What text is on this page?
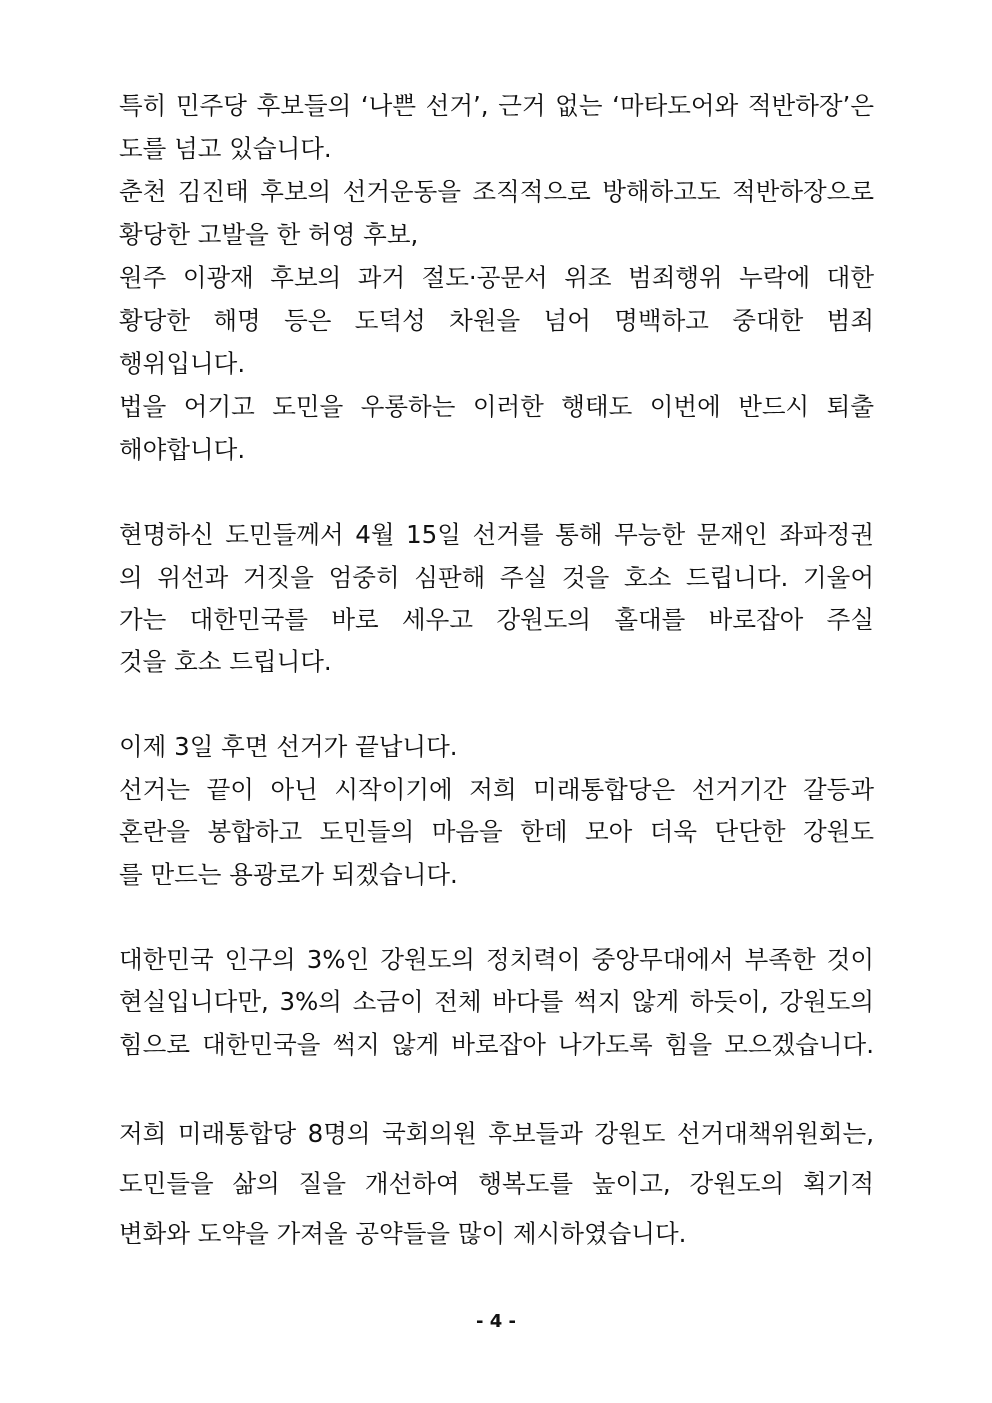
특히 민주당 후보들의 ‘나쁜 선거’, 근거 없는 ‘마타도어와 적반하장’은
도를 넘고 있습니다.
춘천 김진태 후보의 선거운동을 조직적으로 방해하고도 적반하장으로
황당한 고발을 한 허영 후보,
원주 이광재 후보의 과거 절도·공문서 위조 범죄행위 누락에 대한
황당한 해명 등은 도덕성 차원을 넘어 명백하고 중대한 범죄
행위입니다.
법을 어기고 도민을 우롱하는 이러한 행태도 이번에 반드시 퇴출
해야합니다.
현명하신 도민들께서 4월 15일 선거를 통해 무능한 문재인 좌파정권
의 위선과 거짓을 엄중히 심판해 주실 것을 호소 드립니다. 기울어
가는 대한민국를 바로 세우고 강원도의 홀대를 바로잡아 주실
것을 호소 드립니다.
이제 3일 후면 선거가 끝납니다.
선거는 끝이 아닌 시작이기에 저희 미래통합당은 선거기간 갈등과
혼란을 봉합하고 도민들의 마음을 한데 모아 더욱 단단한 강원도
를 만드는 용광로가 되겠습니다.
대한민국 인구의 3%인 강원도의 정치력이 중앙무대에서 부족한 것이
현실입니다만, 3%의 소금이 전체 바다를 썩지 않게 하듯이, 강원도의
힘으로 대한민국을 썩지 않게 바로잡아 나가도록 힘을 모으겠습니다.
저희 미래통합당 8명의 국회의원 후보들과 강원도 선거대책위원회는,
도민들을 삶의 질을 개선하여 행복도를 높이고, 강원도의 획기적
변화와 도약을 가져올 공약들을 많이 제시하였습니다.
- 4 -
